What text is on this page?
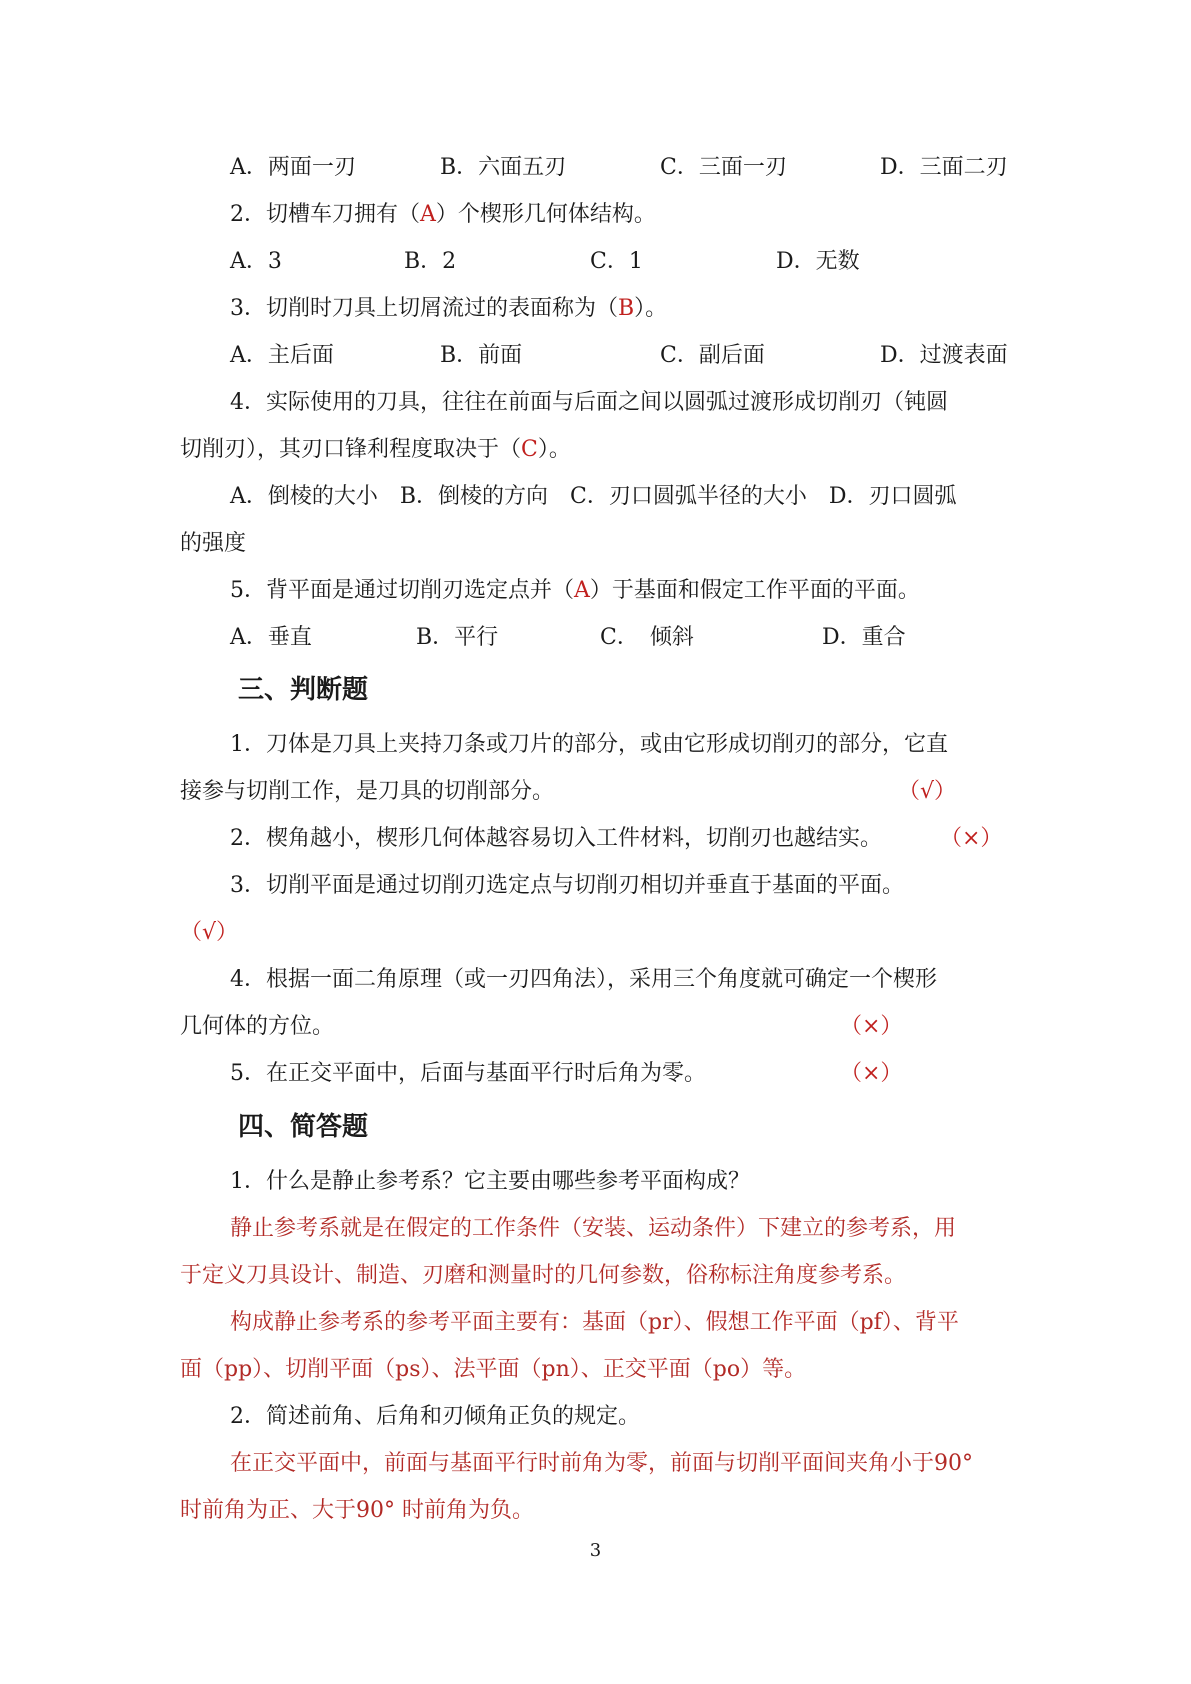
A．两面一刃	B．六面五刃	C．三面一刃	D．三面二刃
2．切槽车刀拥有（A）个楔形几何体结构。
A．3	B．2	C．1	D．无数
3．切削时刀具上切屑流过的表面称为（B）。
A．主后面	B．前面	C．副后面	D．过渡表面
4．实际使用的刀具，往往在前面与后面之间以圆弧过渡形成切削刃（钝圆
切削刃），其刃口锋利程度取决于（C）。
A．倒棱的大小　B．倒棱的方向　C．刃口圆弧半径的大小　D．刃口圆弧
的强度
5．背平面是通过切削刃选定点并（A）于基面和假定工作平面的平面。
A．垂直	B．平行	C．　倾斜	D．重合
三、判断题
1．刀体是刀具上夹持刀条或刀片的部分，或由它形成切削刃的部分，它直
接参与切削工作，是刀具的切削部分。	（√）
2．楔角越小，楔形几何体越容易切入工件材料，切削刃也越结实。	（×）
3．切削平面是通过切削刃选定点与切削刃相切并垂直于基面的平面。
（√）
4．根据一面二角原理（或一刃四角法），采用三个角度就可确定一个楔形
几何体的方位。	（×）
5．在正交平面中，后面与基面平行时后角为零。	（×）
四、简答题
1．什么是静止参考系？它主要由哪些参考平面构成？
静止参考系就是在假定的工作条件（安装、运动条件）下建立的参考系，用
于定义刀具设计、制造、刃磨和测量时的几何参数，俗称标注角度参考系。
构成静止参考系的参考平面主要有：基面（pr）、假想工作平面（pf）、背平
面（pp）、切削平面（ps）、法平面（pn）、正交平面（po）等。
2．简述前角、后角和刃倾角正负的规定。
在正交平面中，前面与基面平行时前角为零，前面与切削平面间夹角小于90°
时前角为正、大于90° 时前角为负。
3
